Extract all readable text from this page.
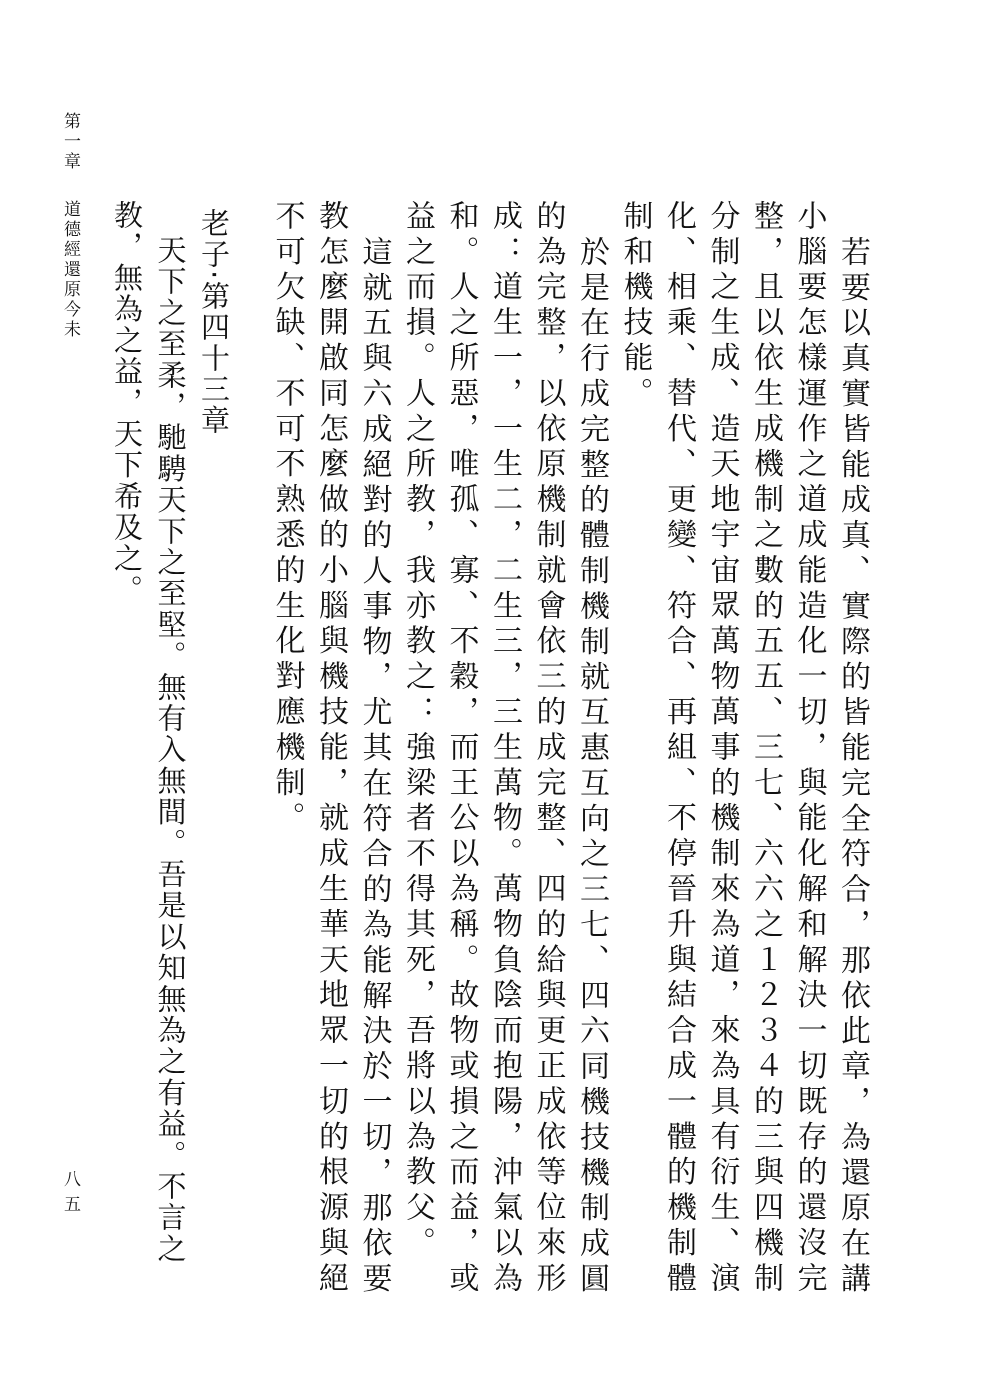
第一章道德經還原今未
八五	若要以真實皆能成真、實際的皆能完全符合，那依此章，為還原在講小腦要怎樣運作之道成能造化一切，與能化解和解決一切既存的還沒完整，且以依生成機制之數的五五、三七、六六之１２３４的三與四機制分制之生成、造天地宇宙眾萬物萬事的機制來為道，來為具有衍生、演化、相乘、替代、更變、符合、再組、不停晉升與結合成一體的機制體制和機技能。

於是在行成完整的體制機制就互惠互向之三七、四六同機技機制成圓的為完整，以依原機制就會依三的成完整、四的給與更正成依等位來形成：道生一，一生二，二生三，三生萬物。萬物負陰而抱陽，沖氣以為和。人之所惡，唯孤、寡、不穀，而王公以為稱。故物或損之而益，或益之而損。人之所教，我亦教之：強梁者不得其死，吾將以為教父。

這就五與六成絕對的人事物，尤其在符合的為能解決於一切，那依要教怎麼開啟同怎麼做的小腦與機技能，就成生華天地眾一切的根源與絕不可欠缺、不可不熟悉的生化對應機制。

老子·第四十三章

天下之至柔，馳騁天下之至堅。無有入無間。吾是以知無為之有益。不言之教，無為之益，天下希及之。
